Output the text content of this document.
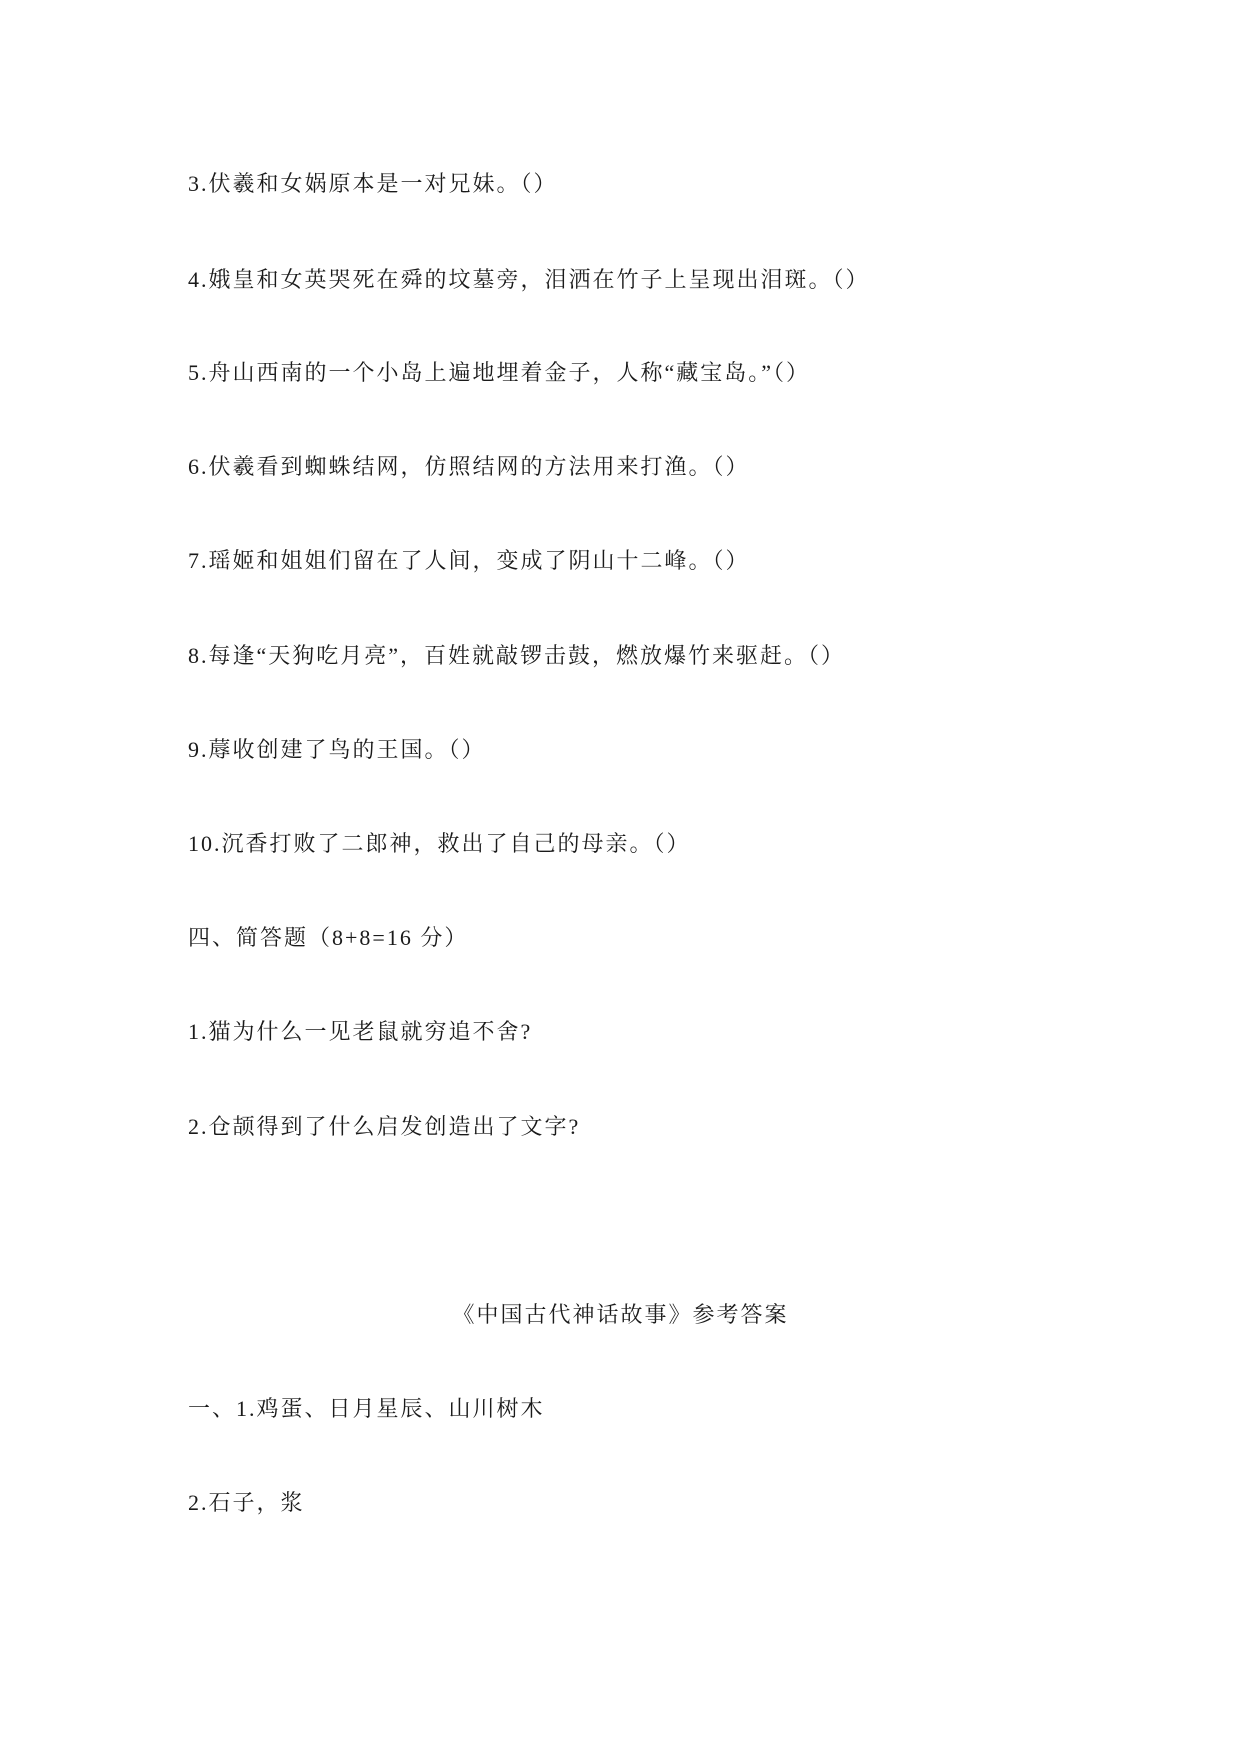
3.伏羲和女娲原本是一对兄妹。（）
4.娥皇和女英哭死在舜的坟墓旁，泪洒在竹子上呈现出泪斑。（）
5.舟山西南的一个小岛上遍地埋着金子，人称“藏宝岛。”（）
6.伏羲看到蜘蛛结网，仿照结网的方法用来打渔。（）
7.瑶姬和姐姐们留在了人间，变成了阴山十二峰。（）
8.每逢“天狗吃月亮”，百姓就敲锣击鼓，燃放爆竹来驱赶。（）
9.蓐收创建了鸟的王国。（）
10.沉香打败了二郎神，救出了自己的母亲。（）
四、简答题（8+8=16 分）
1.猫为什么一见老鼠就穷追不舍?
2.仓颉得到了什么启发创造出了文字?
《中国古代神话故事》参考答案
一、1.鸡蛋、日月星辰、山川树木
2.石子，浆
